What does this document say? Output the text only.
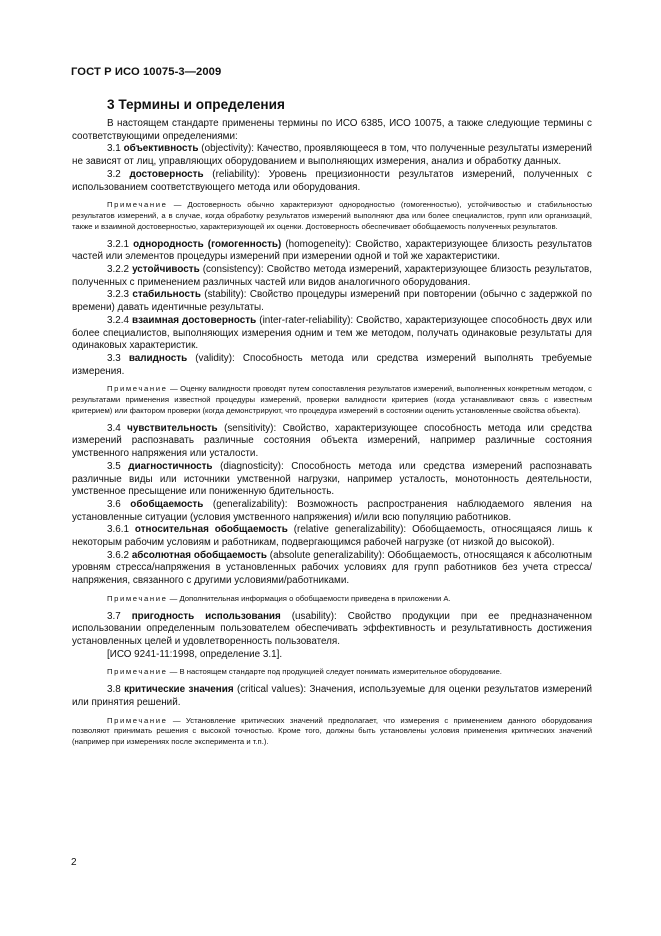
ГОСТ Р ИСО 10075-3—2009
3 Термины и определения

В настоящем стандарте применены термины по ИСО 6385, ИСО 10075, а также следующие термины с соответствующими определениями:

3.1 объективность (objectivity): Качество, проявляющееся в том, что полученные результаты измерений не зависят от лиц, управляющих оборудованием и выполняющих измерения, анализ и обработку данных.

3.2 достоверность (reliability): Уровень прецизионности результатов измерений, полученных с использованием соответствующего метода или оборудования.

Примечание — Достоверность обычно характеризуют однородностью (гомогенностью), устойчивостью и стабильностью результатов измерений, а в случае, когда обработку результатов измерений выполняют два или более специалистов, групп или организаций, также и взаимной достоверностью, характеризующей их оценки. Достоверность обеспечивает обобщаемость полученных результатов.

3.2.1 однородность (гомогенность) (homogeneity): Свойство, характеризующее близость результатов частей или элементов процедуры измерений при измерении одной и той же характеристики.

3.2.2 устойчивость (consistency): Свойство метода измерений, характеризующее близость результатов, полученных с применением различных частей или видов аналогичного оборудования.

3.2.3 стабильность (stability): Свойство процедуры измерений при повторении (обычно с задержкой по времени) давать идентичные результаты.

3.2.4 взаимная достоверность (inter-rater-reliability): Свойство, характеризующее способность двух или более специалистов, выполняющих измерения одним и тем же методом, получать одинаковые результаты для одинаковых характеристик.

3.3 валидность (validity): Способность метода или средства измерений выполнять требуемые измерения.

Примечание — Оценку валидности проводят путем сопоставления результатов измерений, выполненных конкретным методом, с результатами применения известной процедуры измерений, проверки валидности критериев (когда устанавливают связь с известным критерием) или фактором проверки (когда демонстрируют, что процедура измерений в состоянии оценить установленные свойства объекта).

3.4 чувствительность (sensitivity): Свойство, характеризующее способность метода или средства измерений распознавать различные состояния объекта измерений, например различные состояния умственного напряжения или усталости.

3.5 диагностичность (diagnosticity): Способность метода или средства измерений распознавать различные виды или источники умственной нагрузки, например усталость, монотонность деятельности, умственное пресыщение или пониженную бдительность.

3.6 обобщаемость (generalizability): Возможность распространения наблюдаемого явления на установленные ситуации (условия умственного напряжения) и/или всю популяцию работников.

3.6.1 относительная обобщаемость (relative generalizability): Обобщаемость, относящаяся лишь к некоторым рабочим условиям и работникам, подвергающимся рабочей нагрузке (от низкой до высокой).

3.6.2 абсолютная обобщаемость (absolute generalizability): Обобщаемость, относящаяся к абсолютным уровням стресса/напряжения в установленных рабочих условиях для групп работников без учета стресса/напряжения, связанного с другими условиями/работниками.

Примечание — Дополнительная информация о обобщаемости приведена в приложении А.

3.7 пригодность использования (usability): Свойство продукции при ее предназначенном использовании определенным пользователем обеспечивать эффективность и результативность достижения установленных целей и удовлетворенность пользователя.

[ИСО 9241-11:1998, определение 3.1].

Примечание — В настоящем стандарте под продукцией следует понимать измерительное оборудование.

3.8 критические значения (critical values): Значения, используемые для оценки результатов измерений или принятия решений.

Примечание — Установление критических значений предполагает, что измерения с применением данного оборудования позволяют принимать решения с высокой точностью. Кроме того, должны быть установлены условия применения критических значений (например при измерениях после эксперимента и т.п.).

2
